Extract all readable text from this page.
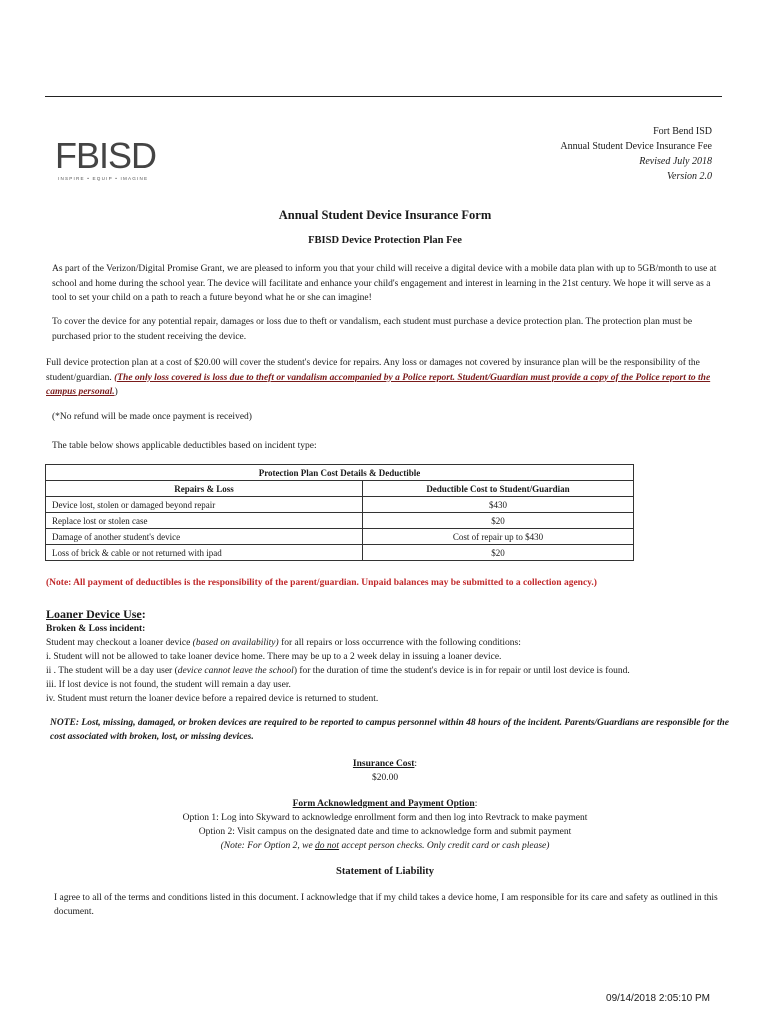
FBISD
INSPIRE • EQUIP • IMAGINE
Fort Bend ISD
Annual Student Device Insurance Fee
Revised July 2018
Version 2.0
Annual Student Device Insurance Form
FBISD Device Protection Plan Fee
As part of the Verizon/Digital Promise Grant, we are pleased to inform you that your child will receive a digital device with a mobile data plan with up to 5GB/month to use at school and home during the school year. The device will facilitate and enhance your child's engagement and interest in learning in the 21st century. We hope it will serve as a tool to set your child on a path to reach a future beyond what he or she can imagine!
To cover the device for any potential repair, damages or loss due to theft or vandalism, each student must purchase a device protection plan. The protection plan must be purchased prior to the student receiving the device.
Full device protection plan at a cost of $20.00 will cover the student's device for repairs. Any loss or damages not covered by insurance plan will be the responsibility of the student/guardian. (The only loss covered is loss due to theft or vandalism accompanied by a Police report. Student/Guardian must provide a copy of the Police report to the campus personal.)
(*No refund will be made once payment is received)
The table below shows applicable deductibles based on incident type:
Protection Plan Cost Details & Deductible	
Repairs & Loss	Deductible Cost to Student/Guardian
Device lost, stolen or damaged beyond repair	$430
Replace lost or stolen case	$20
Damage of another student's device	Cost of repair up to $430
Loss of brick & cable or not returned with ipad	$20
(Note: All payment of deductibles is the responsibility of the parent/guardian. Unpaid balances may be submitted to a collection agency.)
Loaner Device Use:
Broken & Loss incident:
Student may checkout a loaner device (based on availability) for all repairs or loss occurrence with the following conditions:
i. Student will not be allowed to take loaner device home. There may be up to a 2 week delay in issuing a loaner device.
ii . The student will be a day user (device cannot leave the school) for the duration of time the student's device is in for repair or until lost device is found.
iii. If lost device is not found, the student will remain a day user.
iv. Student must return the loaner device before a repaired device is returned to student.
NOTE: Lost, missing, damaged, or broken devices are required to be reported to campus personnel within 48 hours of the incident. Parents/Guardians are responsible for the cost associated with broken, lost, or missing devices.
Insurance Cost:
$20.00
Form Acknowledgment and Payment Option:
Option 1: Log into Skyward to acknowledge enrollment form and then log into Revtrack to make payment
Option 2: Visit campus on the designated date and time to acknowledge form and submit payment
(Note: For Option 2, we do not accept person checks. Only credit card or cash please)
Statement of Liability
I agree to all of the terms and conditions listed in this document. I acknowledge that if my child takes a device home, I am responsible for its care and safety as outlined in this document.
09/14/2018 2:05:10 PM
